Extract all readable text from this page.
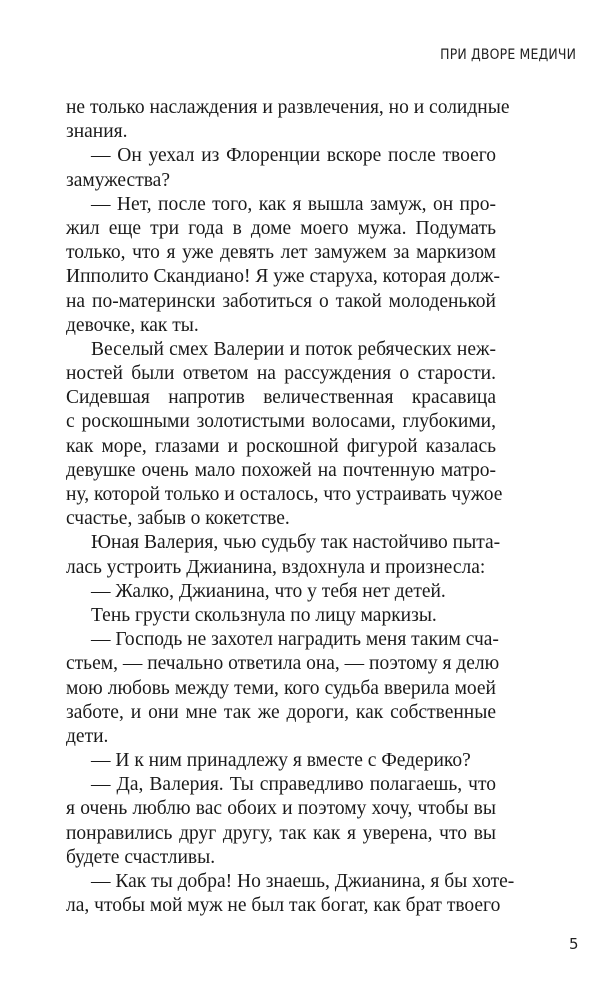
ПРИ ДВОРЕ МЕДИЧИ
не только наслаждения и развлечения, но и солидные
знания.
— Он уехал из Флоренции вскоре после твоего
замужества?
— Нет, после того, как я вышла замуж, он про-
жил еще три года в доме моего мужа. Подумать
только, что я уже девять лет замужем за маркизом
Ипполито Скандиано! Я уже старуха, которая долж-
на по-матерински заботиться о такой молоденькой
девочке, как ты.
Веселый смех Валерии и поток ребяческих неж-
ностей были ответом на рассуждения о старости.
Сидевшая напротив величественная красавица
с роскошными золотистыми волосами, глубокими,
как море, глазами и роскошной фигурой казалась
девушке очень мало похожей на почтенную матро-
ну, которой только и осталось, что устраивать чужое
счастье, забыв о кокетстве.
Юная Валерия, чью судьбу так настойчиво пыта-
лась устроить Джианина, вздохнула и произнесла:
— Жалко, Джианина, что у тебя нет детей.
Тень грусти скользнула по лицу маркизы.
— Господь не захотел наградить меня таким сча-
стьем, — печально ответила она, — поэтому я делю
мою любовь между теми, кого судьба вверила моей
заботе, и они мне так же дороги, как собственные
дети.
— И к ним принадлежу я вместе с Федерико?
— Да, Валерия. Ты справедливо полагаешь, что
я очень люблю вас обоих и поэтому хочу, чтобы вы
понравились друг другу, так как я уверена, что вы
будете счастливы.
— Как ты добра! Но знаешь, Джианина, я бы хоте-
ла, чтобы мой муж не был так богат, как брат твоего
5
